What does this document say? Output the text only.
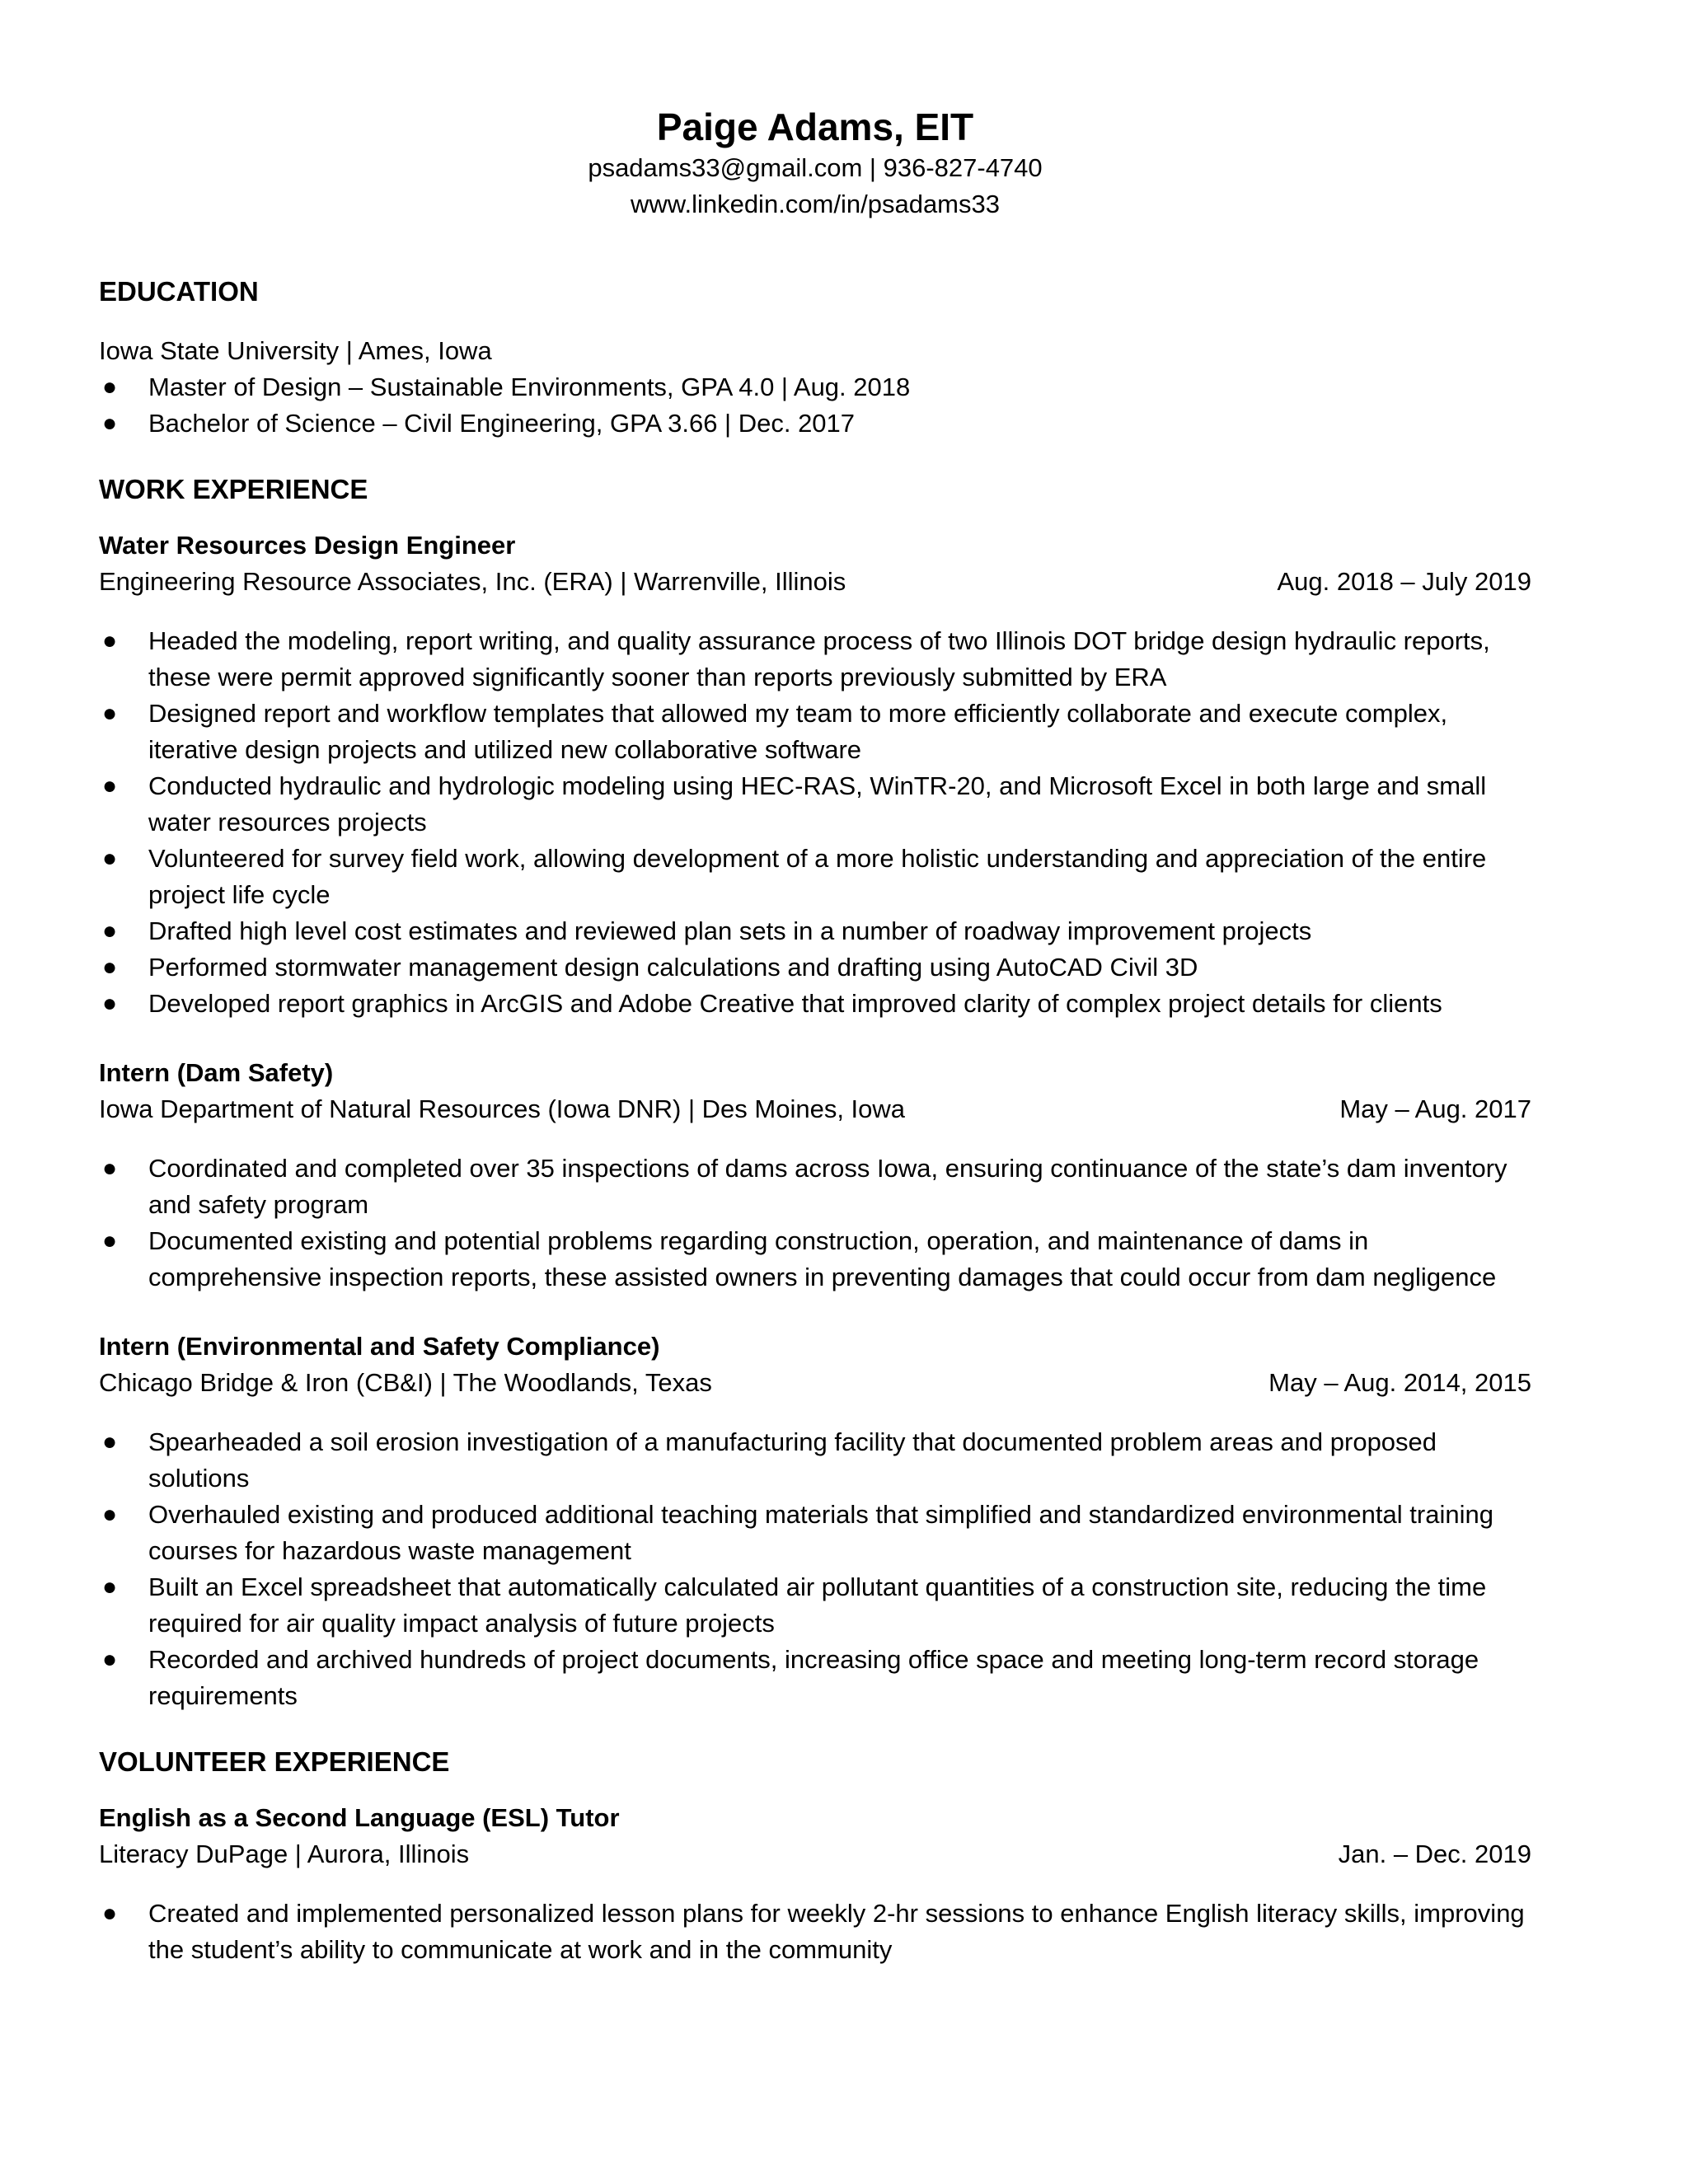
Paige Adams, EIT
psadams33@gmail.com | 936-827-4740
www.linkedin.com/in/psadams33
EDUCATION
Iowa State University | Ames, Iowa
● Master of Design – Sustainable Environments, GPA 4.0 | Aug. 2018
● Bachelor of Science – Civil Engineering, GPA 3.66 | Dec. 2017
WORK EXPERIENCE
Water Resources Design Engineer
Engineering Resource Associates, Inc. (ERA) | Warrenville, Illinois	Aug. 2018 – July 2019
● Headed the modeling, report writing, and quality assurance process of two Illinois DOT bridge design hydraulic reports, these were permit approved significantly sooner than reports previously submitted by ERA
● Designed report and workflow templates that allowed my team to more efficiently collaborate and execute complex, iterative design projects and utilized new collaborative software
● Conducted hydraulic and hydrologic modeling using HEC-RAS, WinTR-20, and Microsoft Excel in both large and small water resources projects
● Volunteered for survey field work, allowing development of a more holistic understanding and appreciation of the entire project life cycle
● Drafted high level cost estimates and reviewed plan sets in a number of roadway improvement projects
● Performed stormwater management design calculations and drafting using AutoCAD Civil 3D
● Developed report graphics in ArcGIS and Adobe Creative that improved clarity of complex project details for clients
Intern (Dam Safety)
Iowa Department of Natural Resources (Iowa DNR) | Des Moines, Iowa	May – Aug. 2017
● Coordinated and completed over 35 inspections of dams across Iowa, ensuring continuance of the state’s dam inventory and safety program
● Documented existing and potential problems regarding construction, operation, and maintenance of dams in comprehensive inspection reports, these assisted owners in preventing damages that could occur from dam negligence
Intern (Environmental and Safety Compliance)
Chicago Bridge & Iron (CB&I) | The Woodlands, Texas	May – Aug. 2014, 2015
● Spearheaded a soil erosion investigation of a manufacturing facility that documented problem areas and proposed solutions
● Overhauled existing and produced additional teaching materials that simplified and standardized environmental training courses for hazardous waste management
● Built an Excel spreadsheet that automatically calculated air pollutant quantities of a construction site, reducing the time required for air quality impact analysis of future projects
● Recorded and archived hundreds of project documents, increasing office space and meeting long-term record storage requirements
VOLUNTEER EXPERIENCE
English as a Second Language (ESL) Tutor
Literacy DuPage | Aurora, Illinois	Jan. – Dec. 2019
● Created and implemented personalized lesson plans for weekly 2-hr sessions to enhance English literacy skills, improving the student’s ability to communicate at work and in the community
